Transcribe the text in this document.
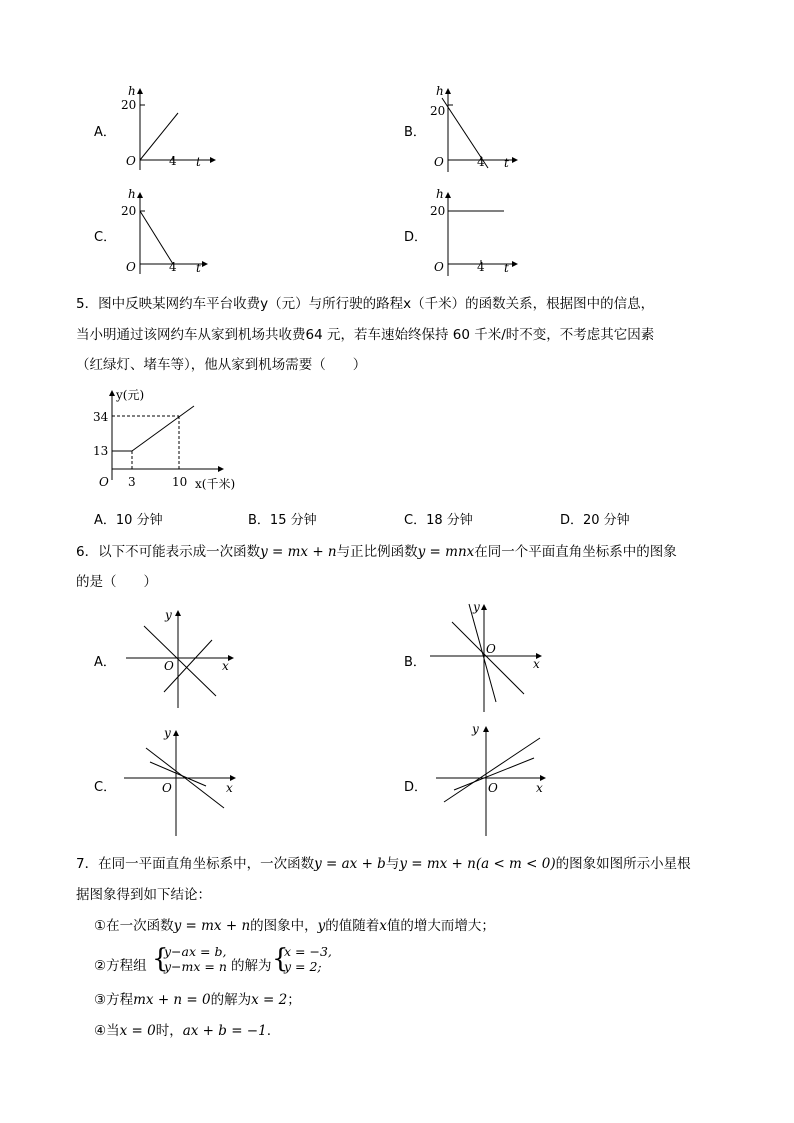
A．
h
20
O	4 t
B．
h
20
O	4 t
C．
h
20
O	4 t
D．
h
20
O	4 t
5．图中反映某网约车平台收费y（元）与所行驶的路程x（千米）的函数关系，根据图中的信息，
当小明通过该网约车从家到机场共收费64 元，若车速始终保持 60 千米/时不变，不考虑其它因素
（红绿灯、堵车等），他从家到机场需要（　　）
y(元)
34
13
O 3	10 x(千米)
A．10 分钟	B．15 分钟	C．18 分钟	D．20 分钟
6．以下不可能表示成一次函数y = mx + n与正比例函数y = mnx在同一个平面直角坐标系中的图象
的是（　　）
A．
y
O	x	B．
y
O
x
C．
y
O	x	D．
y
O	x
7．在同一平面直角坐标系中，一次函数y = ax + b与y = mx + n(a < m < 0)的图象如图所示小星根
据图象得到如下结论：
①在一次函数y = mx + n的图象中，y的值随着x值的增大而增大；
②方程组 {
y−ax = b,
y−mx = n 的解为 {
x = −3,
y = 2;
③方程mx + n = 0的解为x = 2；
④当x = 0时，ax + b = −1.
